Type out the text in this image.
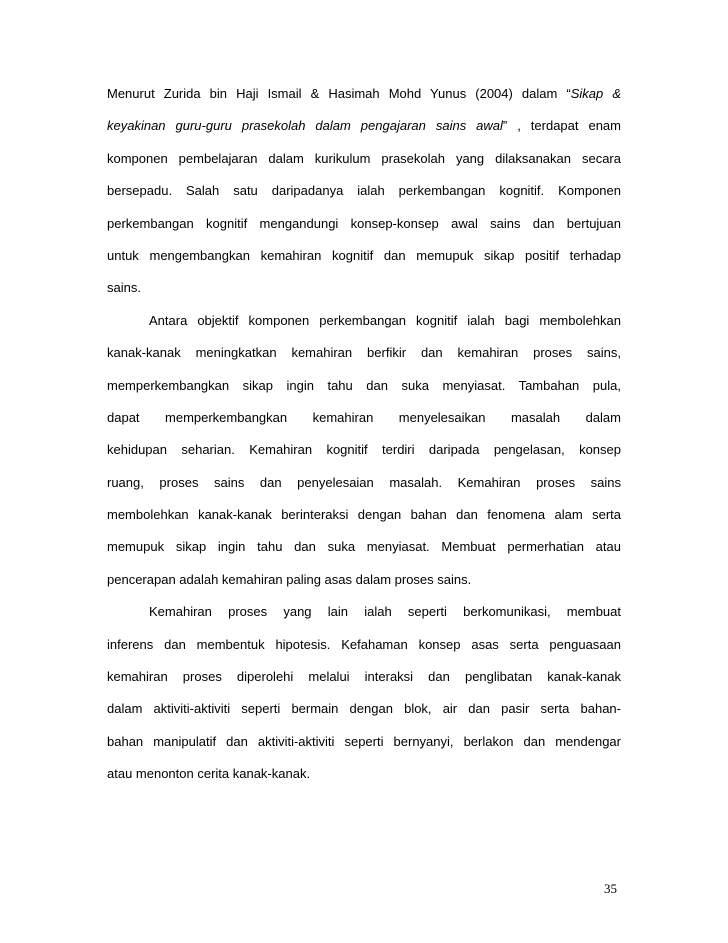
Menurut Zurida bin Haji Ismail & Hasimah Mohd Yunus (2004) dalam “Sikap &
keyakinan guru-guru prasekolah dalam pengajaran sains awal” , terdapat enam
komponen pembelajaran dalam kurikulum prasekolah yang dilaksanakan secara
bersepadu. Salah satu daripadanya ialah perkembangan kognitif. Komponen
perkembangan kognitif mengandungi konsep-konsep awal sains dan bertujuan
untuk mengembangkan kemahiran kognitif dan memupuk sikap positif terhadap
sains.
Antara objektif komponen perkembangan kognitif ialah bagi membolehkan
kanak-kanak meningkatkan kemahiran berfikir dan kemahiran proses sains,
memperkembangkan sikap ingin tahu dan suka menyiasat. Tambahan pula,
dapat memperkembangkan kemahiran menyelesaikan masalah dalam
kehidupan seharian. Kemahiran kognitif terdiri daripada pengelasan, konsep
ruang, proses sains dan penyelesaian masalah. Kemahiran proses sains
membolehkan kanak-kanak berinteraksi dengan bahan dan fenomena alam serta
memupuk sikap ingin tahu dan suka menyiasat. Membuat permerhatian atau
pencerapan adalah kemahiran paling asas dalam proses sains.
Kemahiran proses yang lain ialah seperti berkomunikasi, membuat
inferens dan membentuk hipotesis. Kefahaman konsep asas serta penguasaan
kemahiran proses diperolehi melalui interaksi dan penglibatan kanak-kanak
dalam aktiviti-aktiviti seperti bermain dengan blok, air dan pasir serta bahan-
bahan manipulatif dan aktiviti-aktiviti seperti bernyanyi, berlakon dan mendengar
atau menonton cerita kanak-kanak.
35
